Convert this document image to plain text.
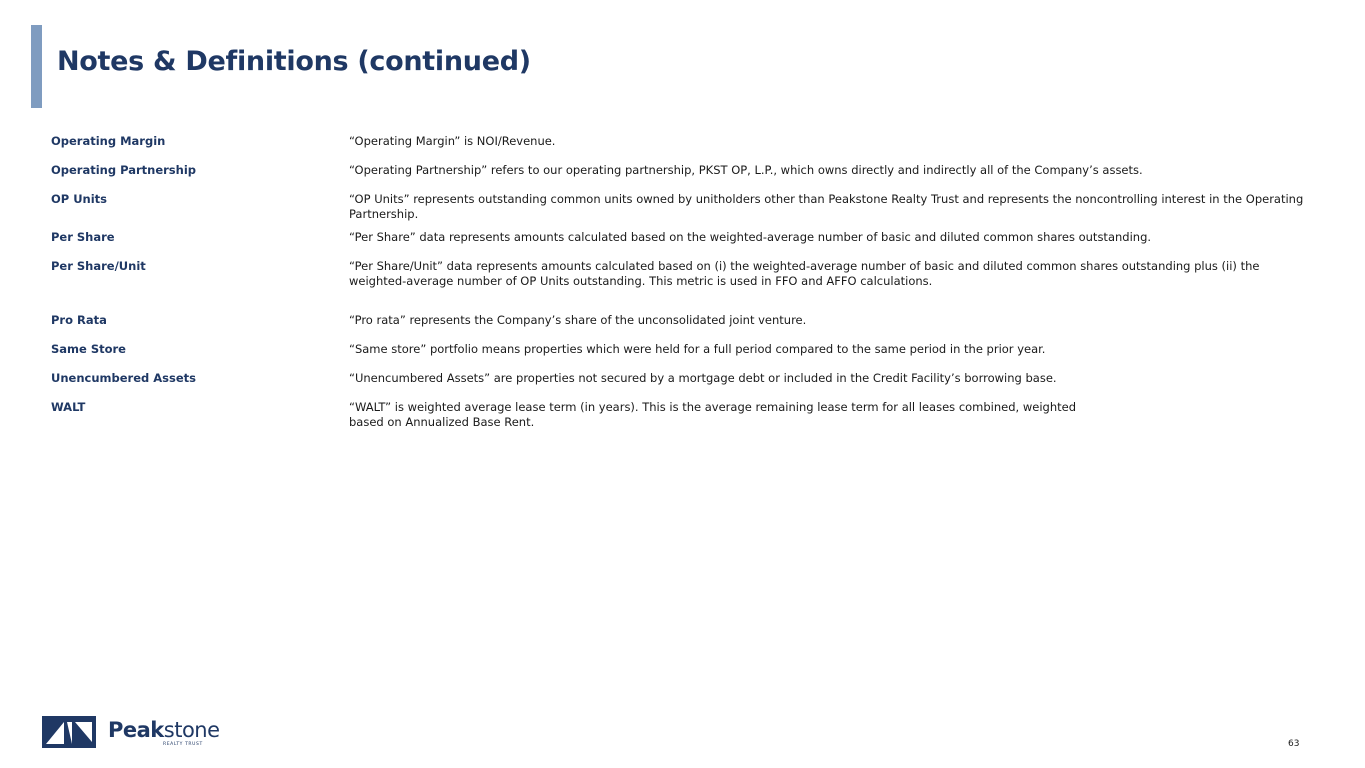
Notes & Definitions (continued)
Operating Margin	“Operating Margin” is NOI/Revenue.
Operating Partnership	“Operating Partnership” refers to our operating partnership, PKST OP, L.P., which owns directly and indirectly all of the Company’s assets.
OP Units	“OP Units” represents outstanding common units owned by unitholders other than Peakstone Realty Trust and represents the noncontrolling interest in the Operating Partnership.
Per Share	“Per Share” data represents amounts calculated based on the weighted-average number of basic and diluted common shares outstanding.
Per Share/Unit	“Per Share/Unit” data represents amounts calculated based on (i) the weighted-average number of basic and diluted common shares outstanding plus (ii) the weighted-average number of OP Units outstanding. This metric is used in FFO and AFFO calculations.
Pro Rata	“Pro rata” represents the Company’s share of the unconsolidated joint venture.
Same Store	“Same store” portfolio means properties which were held for a full period compared to the same period in the prior year.
Unencumbered Assets	“Unencumbered Assets” are properties not secured by a mortgage debt or included in the Credit Facility’s borrowing base.
WALT	“WALT” is weighted average lease term (in years). This is the average remaining lease term for all leases combined, weighted based on Annualized Base Rent.
Peakstone
REALTY TRUST	63
